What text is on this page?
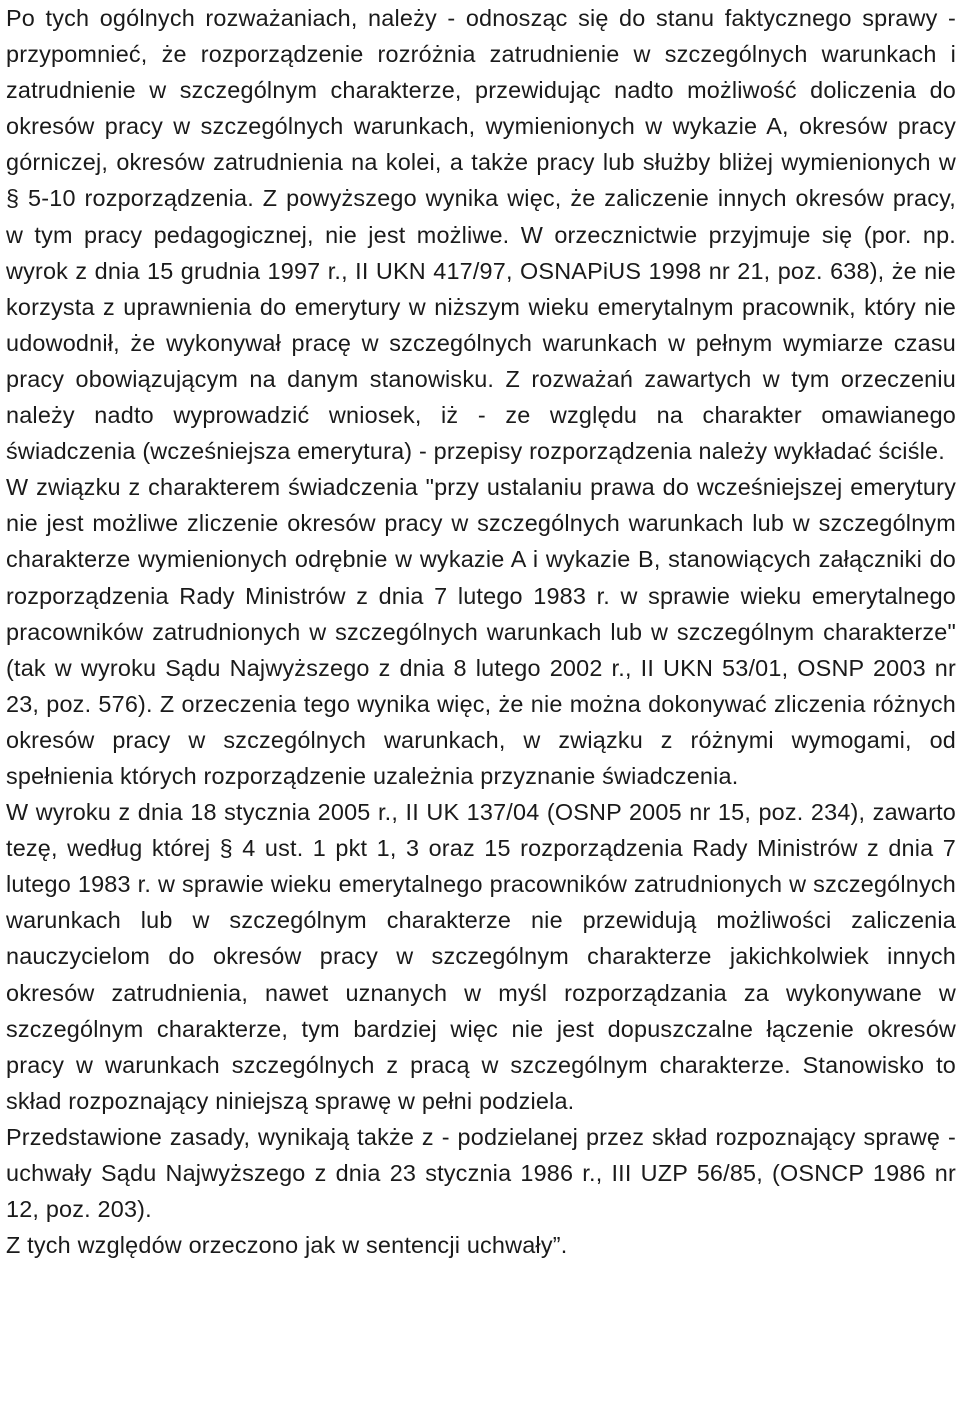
Po tych ogólnych rozważaniach, należy - odnosząc się do stanu faktycznego sprawy - przypomnieć, że rozporządzenie rozróżnia zatrudnienie w szczególnych warunkach i zatrudnienie w szczególnym charakterze, przewidując nadto możliwość doliczenia do okresów pracy w szczególnych warunkach, wymienionych w wykazie A, okresów pracy górniczej, okresów zatrudnienia na kolei, a także pracy lub służby bliżej wymienionych w § 5-10 rozporządzenia. Z powyższego wynika więc, że zaliczenie innych okresów pracy, w tym pracy pedagogicznej, nie jest możliwe. W orzecznictwie przyjmuje się (por. np. wyrok z dnia 15 grudnia 1997 r., II UKN 417/97, OSNAPiUS 1998 nr 21, poz. 638), że nie korzysta z uprawnienia do emerytury w niższym wieku emerytalnym pracownik, który nie udowodnił, że wykonywał pracę w szczególnych warunkach w pełnym wymiarze czasu pracy obowiązującym na danym stanowisku. Z rozważań zawartych w tym orzeczeniu należy nadto wyprowadzić wniosek, iż - ze względu na charakter omawianego świadczenia (wcześniejsza emerytura) - przepisy rozporządzenia należy wykładać ściśle.

W związku z charakterem świadczenia "przy ustalaniu prawa do wcześniejszej emerytury nie jest możliwe zliczenie okresów pracy w szczególnych warunkach lub w szczególnym charakterze wymienionych odrębnie w wykazie A i wykazie B, stanowiących załączniki do rozporządzenia Rady Ministrów z dnia 7 lutego 1983 r. w sprawie wieku emerytalnego pracowników zatrudnionych w szczególnych warunkach lub w szczególnym charakterze" (tak w wyroku Sądu Najwyższego z dnia 8 lutego 2002 r., II UKN 53/01, OSNP 2003 nr 23, poz. 576). Z orzeczenia tego wynika więc, że nie można dokonywać zliczenia różnych okresów pracy w szczególnych warunkach, w związku z różnymi wymogami, od spełnienia których rozporządzenie uzależnia przyznanie świadczenia.

W wyroku z dnia 18 stycznia 2005 r., II UK 137/04 (OSNP 2005 nr 15, poz. 234), zawarto tezę, według której § 4 ust. 1 pkt 1, 3 oraz 15 rozporządzenia Rady Ministrów z dnia 7 lutego 1983 r. w sprawie wieku emerytalnego pracowników zatrudnionych w szczególnych warunkach lub w szczególnym charakterze nie przewidują możliwości zaliczenia nauczycielom do okresów pracy w szczególnym charakterze jakichkolwiek innych okresów zatrudnienia, nawet uznanych w myśl rozporządzania za wykonywane w szczególnym charakterze, tym bardziej więc nie jest dopuszczalne łączenie okresów pracy w warunkach szczególnych z pracą w szczególnym charakterze. Stanowisko to skład rozpoznający niniejszą sprawę w pełni podziela.

Przedstawione zasady, wynikają także z - podzielanej przez skład rozpoznający sprawę - uchwały Sądu Najwyższego z dnia 23 stycznia 1986 r., III UZP 56/85, (OSNCP 1986 nr 12, poz. 203).

Z tych względów orzeczono jak w sentencji uchwały”.
